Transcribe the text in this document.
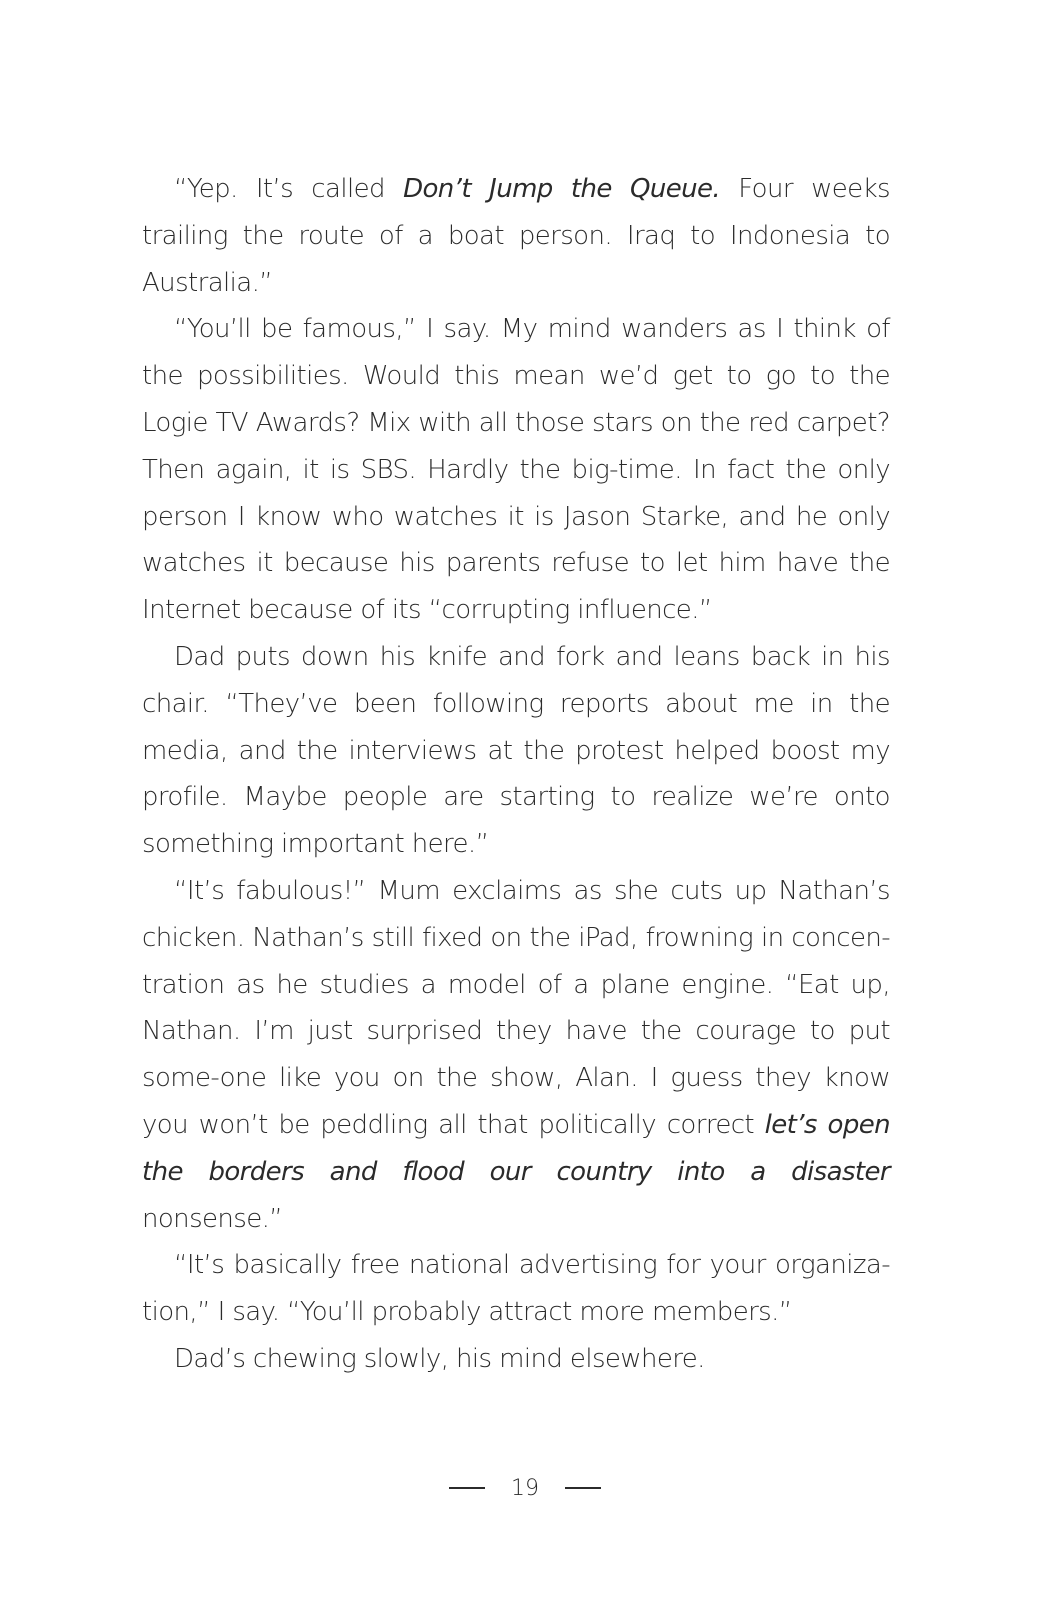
“Yep. It’s called Don’t Jump the Queue. Four weeks trailing the route of a boat person. Iraq to Indonesia to Australia.”

“You’ll be famous,” I say. My mind wanders as I think of the possibilities. Would this mean we’d get to go to the Logie TV Awards? Mix with all those stars on the red carpet? Then again, it is SBS. Hardly the big-time. In fact the only person I know who watches it is Jason Starke, and he only watches it because his parents refuse to let him have the Internet because of its “corrupting influence.”

Dad puts down his knife and fork and leans back in his chair. “They’ve been following reports about me in the media, and the interviews at the protest helped boost my profile. Maybe people are starting to realize we’re onto something important here.”

“It’s fabulous!” Mum exclaims as she cuts up Nathan’s chicken. Nathan’s still fixed on the iPad, frowning in concen-tration as he studies a model of a plane engine. “Eat up, Nathan. I’m just surprised they have the courage to put some-one like you on the show, Alan. I guess they know you won’t be peddling all that politically correct let’s open the borders and flood our country into a disaster nonsense.”

“It’s basically free national advertising for your organiza-tion,” I say. “You’ll probably attract more members.”

Dad’s chewing slowly, his mind elsewhere.

19
